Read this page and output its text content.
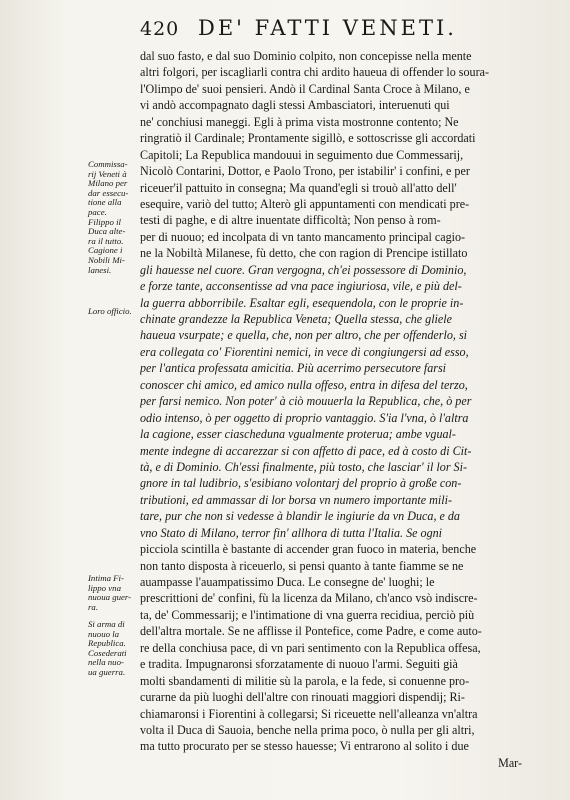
420 DE' FATTI VENETI.
Commissa-
rij Veneti à
Milano per
dar essecu-
tione alla
pace.
Filippo il
Duca alte-
ra il tutto.
Cagione i
Nobili Mi-
lanesi.
Loro officio.
Intima Fi-
lippo vna
nuoua guer-
ra.
Si arma di
nuouo la
Republica.
Cosederati
nella nuo-
ua guerra.
dal suo fasto, e dal suo Dominio colpito, non concepisse nella mente
altri folgori, per iscagliarli contra chi ardito haueua di offender lo soura-
l'Olimpo de' suoi pensieri. Andò il Cardinal Santa Croce à Milano, e
vi andò accompagnato dagli stessi Ambasciatori, interuenuti qui
ne' conchiusi maneggi. Egli à prima vista mostronne contento; Ne
ringratiò il Cardinale; Prontamente sigillò, e sottoscrisse gli accordati
Capitoli; La Republica mandouui in seguimento due Commessarij,
Nicolò Contarini, Dottor, e Paolo Trono, per istabilir' i confini, e per
riceuer'il pattuito in consegna; Ma quand'egli si trouò all'atto dell'
esequire, variò del tutto; Alterò gli appuntamenti con mendicati pre-
testi di paghe, e di altre inuentate difficoltà; Non penso à rom-
per di nuouo; ed incolpata di vn tanto mancamento principal cagio-
ne la Nobiltà Milanese, fù detto, che con ragion di Prencipe istillato
gli hauesse nel cuore. Gran vergogna, ch'ei possessore di Dominio,
e forze tante, acconsentisse ad vna pace ingiuriosa, vile, e più del-
la guerra abborribile. Esaltar egli, esequendola, con le proprie in-
chinate grandezze la Republica Veneta; Quella stessa, che gliele
haueua vsurpate; e quella, che, non per altro, che per offenderlo, si
era collegata co' Fiorentini nemici, in vece di congiungersi ad esso,
per l'antica professata amicitia. Più acerrimo persecutore farsi
conoscer chi amico, ed amico nulla offeso, entra in difesa del terzo,
per farsi nemico. Non poter' à ciò mouuerla la Republica, che, ò per
odio intenso, ò per oggetto di proprio vantaggio. S'ia l'vna, ò l'altra
la cagione, esser ciascheduna vgualmente proterua; ambe vgual-
mente indegne di accarezzar si con affetto di pace, ed à costo di Cit-
tà, e di Dominio. Ch'essi finalmente, più tosto, che lasciar' il lor Si-
gnore in tal ludibrio, s'esibiano volontarj del proprio à große con-
tributioni, ed ammassar di lor borsa vn numero importante mili-
tare, pur che non si vedesse à blandir le ingiurie da vn Duca, e da
vno Stato di Milano, terror fin' allhora di tutta l'Italia. Se ogni
picciola scintilla è bastante di accender gran fuoco in materia, benche
non tanto disposta à riceuerlo, si pensi quanto à tante fiamme se ne
auampasse l'auampatissimo Duca. Le consegne de' luoghi; le
prescrittioni de' confini, fù la licenza da Milano, ch'anco vsò indiscre-
ta, de' Commessarij; e l'intimatione di vna guerra recidiua, perciò più
dell'altra mortale. Se ne afflisse il Pontefice, come Padre, e come auto-
re della conchiusa pace, di vn pari sentimento con la Republica offesa,
e tradita. Impugnaronsi sforzatamente di nuouo l'armi. Seguiti già
molti sbandamenti di militie sù la parola, e la fede, si conuenne pro-
curarne da più luoghi dell'altre con rinouati maggiori dispendij; Ri-
chiamaronsi i Fiorentini à collegarsi; Si riceuette nell'alleanza vn'altra
volta il Duca di Sauoia, benche nella prima poco, ò nulla per gli altri,
ma tutto procurato per se stesso hauesse; Vi entrarono al solito i due
Mar-
